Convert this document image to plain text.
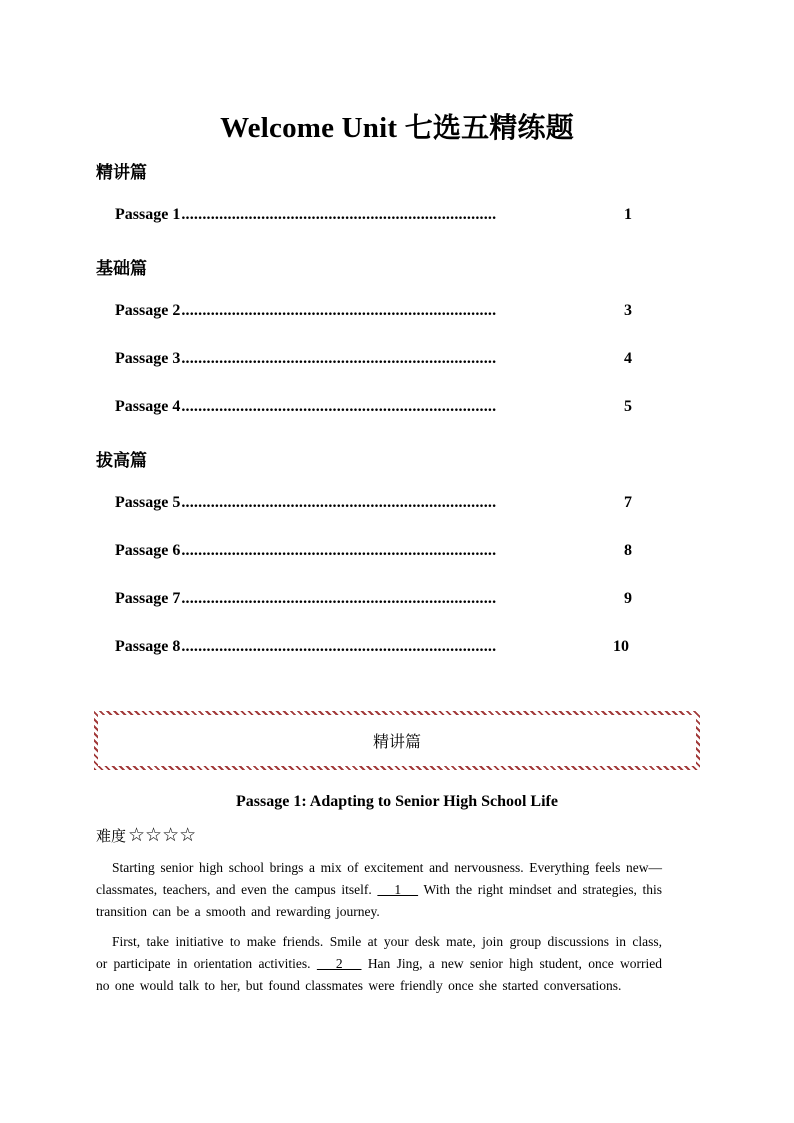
Welcome Unit 七选五精练题
精讲篇
Passage 1 ...........................................................................	1
基础篇
Passage 2 ...........................................................................	3
Passage 3 ...........................................................................	4
Passage 4 ...........................................................................	5
拔高篇
Passage 5 ...........................................................................	7
Passage 6 ...........................................................................	8
Passage 7 ...........................................................................	9
Passage 8 ...........................................................................	10
精讲篇
Passage 1: Adapting to Senior High School Life
难度 ☆☆☆☆
Starting senior high school brings a mix of excitement and nervousness. Everything feels new—classmates, teachers, and even the campus itself.    1    With the right mindset and strategies, this transition can be a smooth and rewarding journey.
First, take initiative to make friends. Smile at your desk mate, join group discussions in class, or participate in orientation activities.    2    Han Jing, a new senior high student, once worried no one would talk to her, but found classmates were friendly once she started conversations.
